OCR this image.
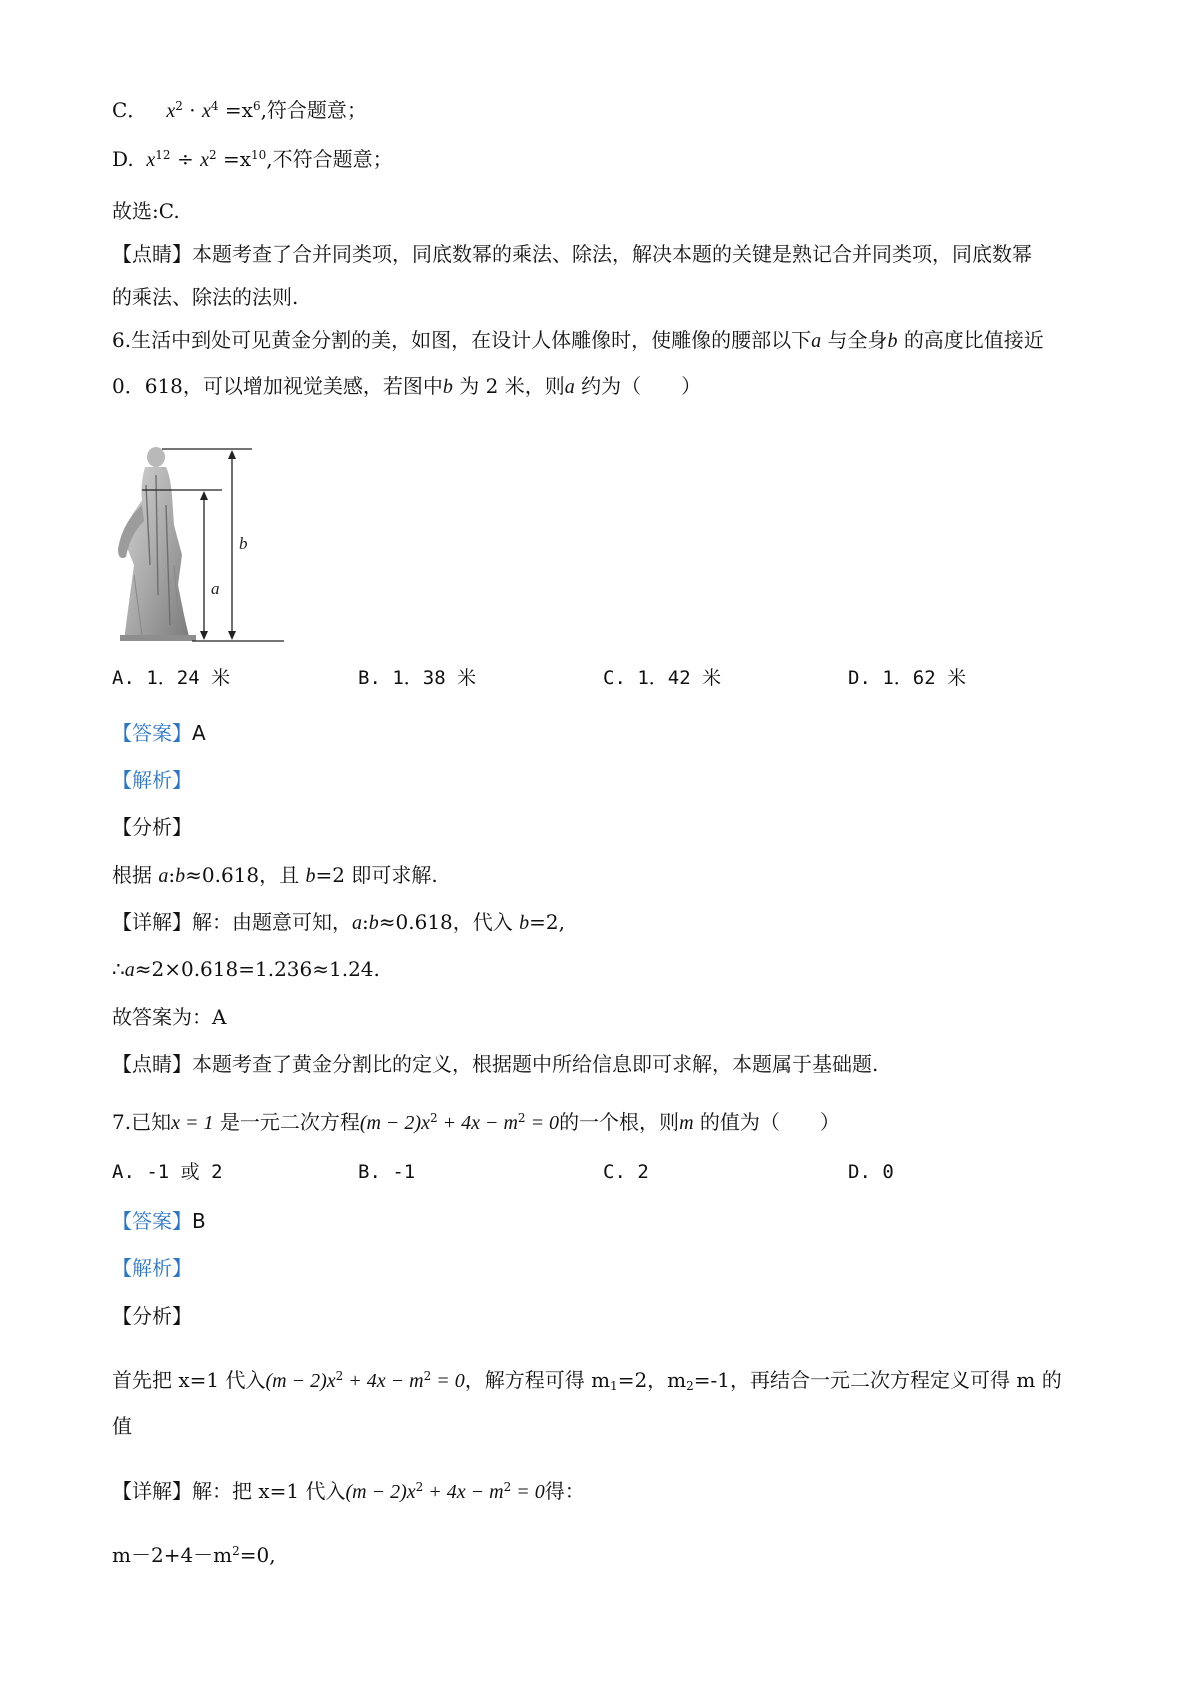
C． $x^2 \cdot x^4 =x^6$,符合题意；
D. $x^{12} \div x^2 =x^{10}$,不符合题意；
故选:C.
【点睛】本题考查了合并同类项，同底数幂的乘法、除法，解决本题的关键是熟记合并同类项，同底数幂
的乘法、除法的法则.
6.生活中到处可见黄金分割的美，如图，在设计人体雕像时，使雕像的腰部以下a 与全身b 的高度比值接近
0．618，可以增加视觉美感，若图中b 为 2 米，则a 约为（　　）
a
b
A. 1．24 米	B. 1．38 米	C. 1．42 米	D. 1．62 米
【答案】A
【解析】
【分析】
根据 a:b≈0.618，且 b=2 即可求解.
【详解】解：由题意可知，a:b≈0.618，代入 b=2,
∴a≈2×0.618=1.236≈1.24.
故答案为：A
【点睛】本题考查了黄金分割比的定义，根据题中所给信息即可求解，本题属于基础题.
7.已知x = 1 是一元二次方程$(m - 2)x^2 + 4x - m^2 = 0$的一个根，则m 的值为（　　）
A. -1 或 2	B. -1	C. 2	D. 0
【答案】B
【解析】
【分析】
首先把 x=1 代入$(m - 2)x^2 + 4x - m^2 = 0$，解方程可得 $m_1=2$，$m_2=-1$，再结合一元二次方程定义可得 m 的
值
【详解】解：把 x=1 代入$(m - 2)x^2 + 4x - m^2 = 0$得：
$m-2+4-m^2=0$,
